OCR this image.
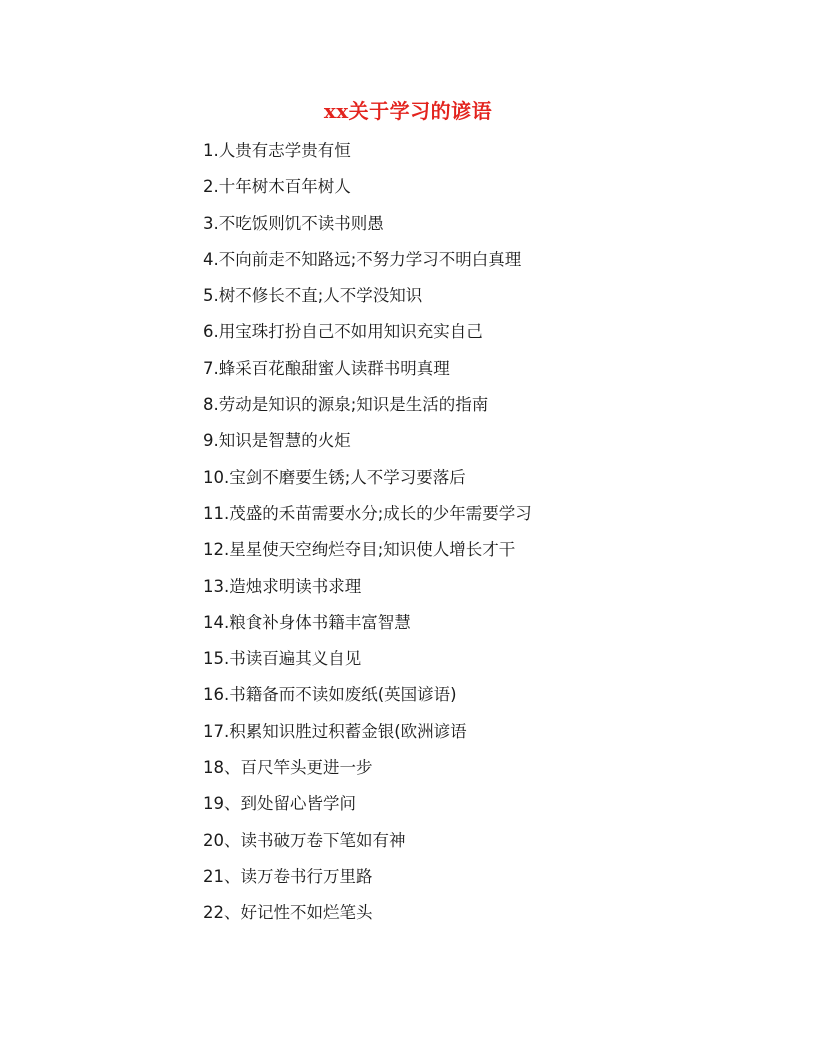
xx关于学习的谚语
1.人贵有志学贵有恒
2.十年树木百年树人
3.不吃饭则饥不读书则愚
4.不向前走不知路远;不努力学习不明白真理
5.树不修长不直;人不学没知识
6.用宝珠打扮自己不如用知识充实自己
7.蜂采百花酿甜蜜人读群书明真理
8.劳动是知识的源泉;知识是生活的指南
9.知识是智慧的火炬
10.宝剑不磨要生锈;人不学习要落后
11.茂盛的禾苗需要水分;成长的少年需要学习
12.星星使天空绚烂夺目;知识使人增长才干
13.造烛求明读书求理
14.粮食补身体书籍丰富智慧
15.书读百遍其义自见
16.书籍备而不读如废纸(英国谚语)
17.积累知识胜过积蓄金银(欧洲谚语
18、百尺竿头更进一步
19、到处留心皆学问
20、读书破万卷下笔如有神
21、读万卷书行万里路
22、好记性不如烂笔头
